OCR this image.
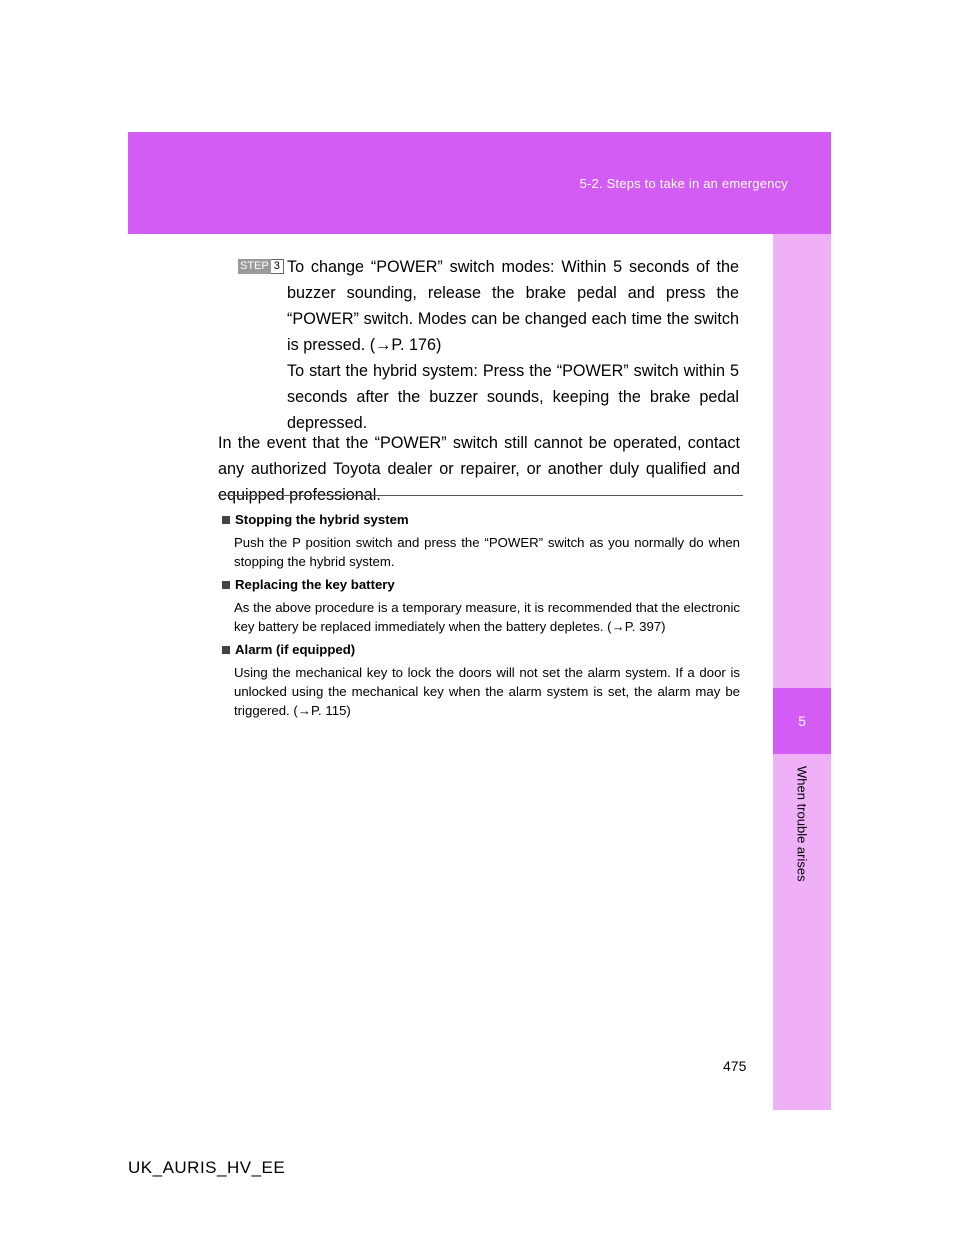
5-2. Steps to take in an emergency
5
When trouble arises
STEP 3 To change “POWER” switch modes: Within 5 seconds of the buzzer sounding, release the brake pedal and press the “POWER” switch. Modes can be changed each time the switch is pressed. (→P. 176)

To start the hybrid system: Press the “POWER” switch within 5 seconds after the buzzer sounds, keeping the brake pedal depressed.

In the event that the “POWER” switch still cannot be operated, contact any authorized Toyota dealer or repairer, or another duly qualified and equipped professional.

Stopping the hybrid system

Push the P position switch and press the “POWER” switch as you normally do when stopping the hybrid system.

Replacing the key battery

As the above procedure is a temporary measure, it is recommended that the electronic key battery be replaced immediately when the battery depletes. (→P. 397)

Alarm (if equipped)

Using the mechanical key to lock the doors will not set the alarm system. If a door is unlocked using the mechanical key when the alarm system is set, the alarm may be triggered. (→P. 115)

475
UK_AURIS_HV_EE
